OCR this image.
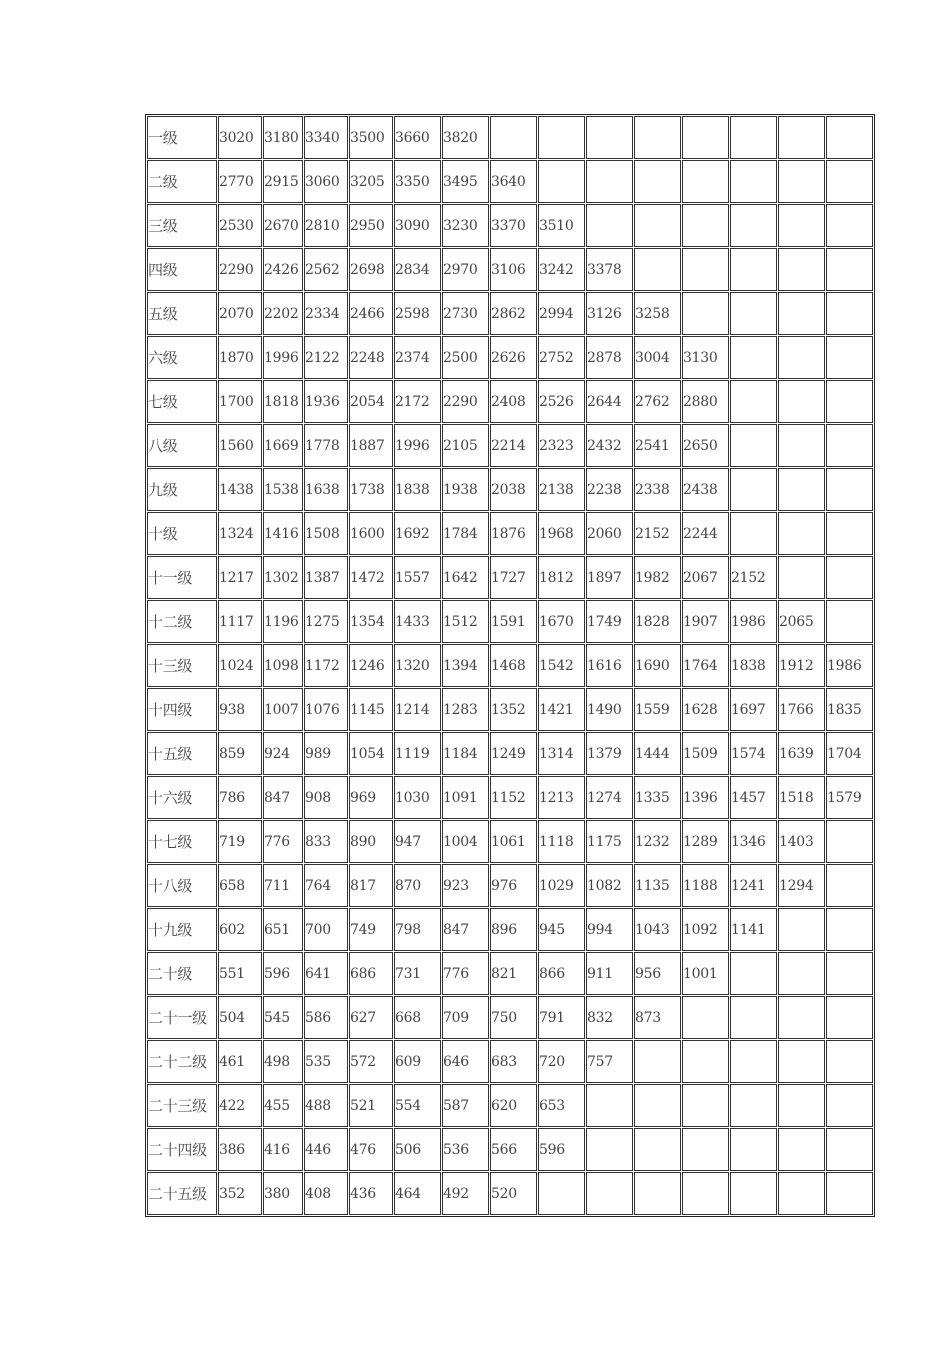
一级	3020	3180	3340	3500	3660	3820								
二级	2770	2915	3060	3205	3350	3495	3640							
三级	2530	2670	2810	2950	3090	3230	3370	3510						
四级	2290	2426	2562	2698	2834	2970	3106	3242	3378					
五级	2070	2202	2334	2466	2598	2730	2862	2994	3126	3258				
六级	1870	1996	2122	2248	2374	2500	2626	2752	2878	3004	3130			
七级	1700	1818	1936	2054	2172	2290	2408	2526	2644	2762	2880			
八级	1560	1669	1778	1887	1996	2105	2214	2323	2432	2541	2650			
九级	1438	1538	1638	1738	1838	1938	2038	2138	2238	2338	2438			
十级	1324	1416	1508	1600	1692	1784	1876	1968	2060	2152	2244			
十一级	1217	1302	1387	1472	1557	1642	1727	1812	1897	1982	2067	2152		
十二级	1117	1196	1275	1354	1433	1512	1591	1670	1749	1828	1907	1986	2065	
十三级	1024	1098	1172	1246	1320	1394	1468	1542	1616	1690	1764	1838	1912	1986
十四级	938	1007	1076	1145	1214	1283	1352	1421	1490	1559	1628	1697	1766	1835
十五级	859	924	989	1054	1119	1184	1249	1314	1379	1444	1509	1574	1639	1704
十六级	786	847	908	969	1030	1091	1152	1213	1274	1335	1396	1457	1518	1579
十七级	719	776	833	890	947	1004	1061	1118	1175	1232	1289	1346	1403	
十八级	658	711	764	817	870	923	976	1029	1082	1135	1188	1241	1294	
十九级	602	651	700	749	798	847	896	945	994	1043	1092	1141		
二十级	551	596	641	686	731	776	821	866	911	956	1001			
二十一级	504	545	586	627	668	709	750	791	832	873				
二十二级	461	498	535	572	609	646	683	720	757					
二十三级	422	455	488	521	554	587	620	653						
二十四级	386	416	446	476	506	536	566	596						
二十五级	352	380	408	436	464	492	520							
